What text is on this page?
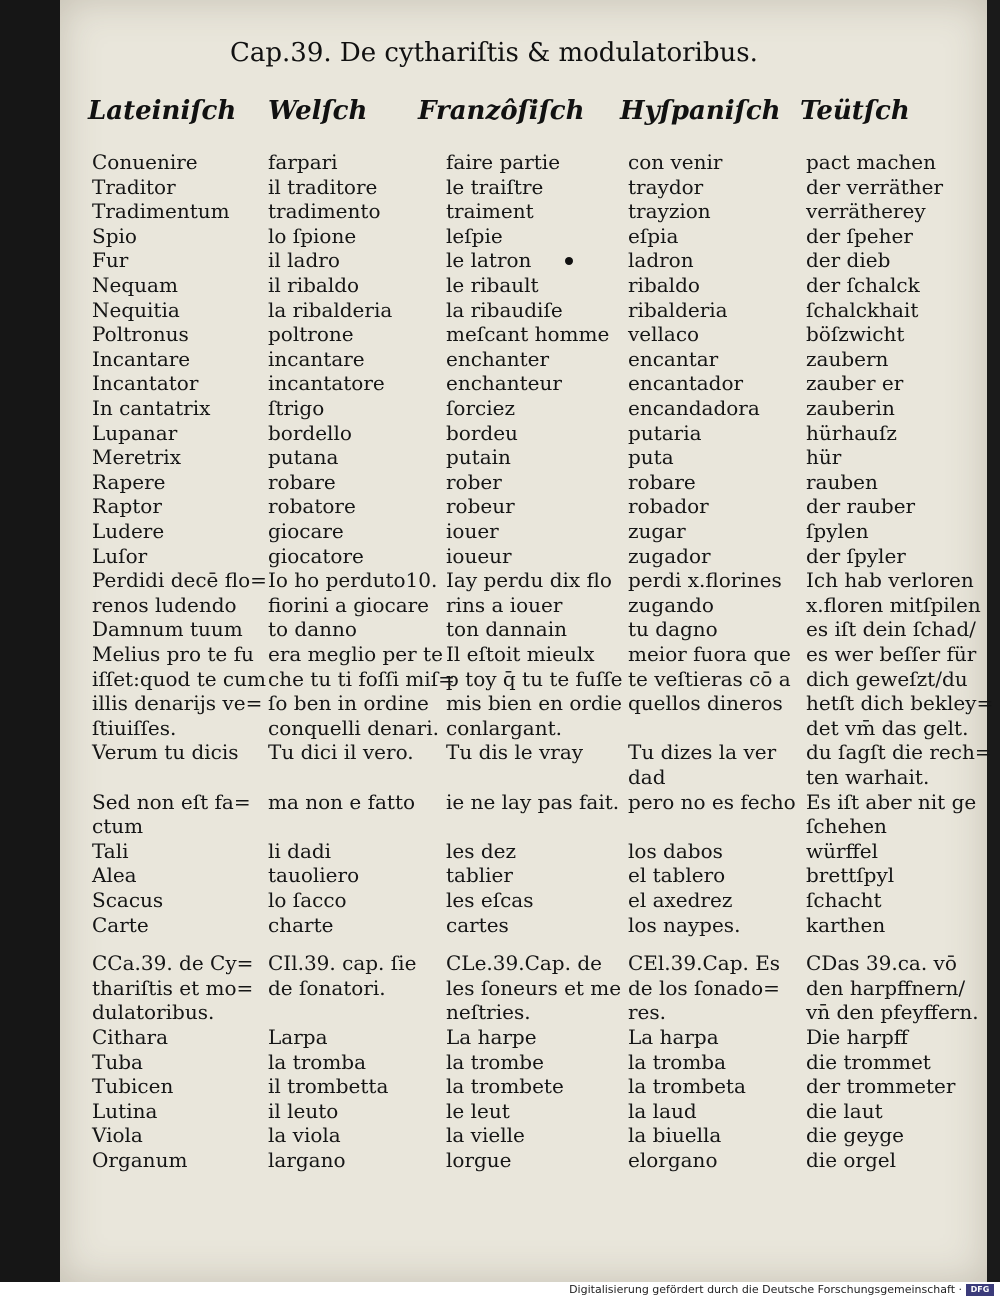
Cap.39. De cythariſtis & modulatoribus.
Lateiniſch Welſch Franzôſiſch Hyſpaniſch Teütſch
Conuenire
Traditor
Tradimentum
Spio
Fur
Nequam
Nequitia
Poltronus
Incantare
Incantator
In cantatrix
Lupanar
Meretrix
Rapere
Raptor
Ludere
Luſor
Perdidi decē flo=
renos ludendo
Damnum tuum
Melius pro te fu
iſſet:quod te cum
illis denarijs ve=
ſtiuiſſes.
Verum tu dicis
Sed non eſt fa=
ctum
Tali
Alea
Scacus
Carte
CCa.39. de Cy=
thariſtis et mo=
dulatoribus.
Cithara
Tuba
Tubicen
Lutina
Viola
Organum
farpari
il traditore
tradimento
lo ſpione
il ladro
il ribaldo
la ribalderia
poltrone
incantare
incantatore
ſtrigo
bordello
putana
robare
robatore
giocare
giocatore
Io ho perduto10.
fiorini a giocare
to danno
era meglio per te
che tu ti foſſi miſ=
ſo ben in ordine
conquelli denari.
Tu dici il vero.
ma non e fatto
li dadi
tauoliero
lo ſacco
charte
CIl.39. cap. ſie
de ſonatori.
Larpa
la tromba
il trombetta
il leuto
la viola
largano
faire partie
le traiſtre
traiment
leſpie
le latron
le ribault
la ribaudiſe
meſcant homme
enchanter
enchanteur
ſorciez
bordeu
putain
rober
robeur
iouer
ioueur
Iay perdu dix flo
rins a iouer
ton dannain
Il eſtoit mieulx
p toy q̄ tu te fuſſe
mis bien en ordie
conlargant.
Tu dis le vray
ie ne lay pas fait.
les dez
tablier
les eſcas
cartes
CLe.39.Cap. de
les ſoneurs et me
neſtries.
La harpe
la trombe
la trombete
le leut
la vielle
lorgue
con venir
traydor
trayzion
eſpia
ladron
ribaldo
ribalderia
vellaco
encantar
encantador
encandadora
putaria
puta
robare
robador
zugar
zugador
perdi x.florines
zugando
tu dagno
meior fuora que
te veſtieras cō a
quellos dineros
Tu dizes la ver
dad
pero no es fecho
los dabos
el tablero
el axedrez
los naypes.
CEl.39.Cap. Es
de los ſonado=
res.
La harpa
la tromba
la trombeta
la laud
la biuella
elorgano
pact machen
der verräther
verrätherey
der ſpeher
der dieb
der ſchalck
ſchalckhait
böſzwicht
zaubern
zauber er
zauberin
hürhauſz
hür
rauben
der rauber
ſpylen
der ſpyler
Ich hab verloren
x.floren mitſpilen
es iſt dein ſchad/
es wer beſſer für
dich geweſzt/du
hetſt dich bekley=
det vm̄ das gelt.
du ſagſt die rech=
ten warhait.
Es iſt aber nit ge
ſchehen
würffel
brettſpyl
ſchacht
karthen
CDas 39.ca. vō
den harpffnern/
vn̄ den pfeyffern.
Die harpff
die trommet
der trommeter
die laut
die geyge
die orgel
Digitalisierung gefördert durch die Deutsche Forschungsgemeinschaft ·	DFG
